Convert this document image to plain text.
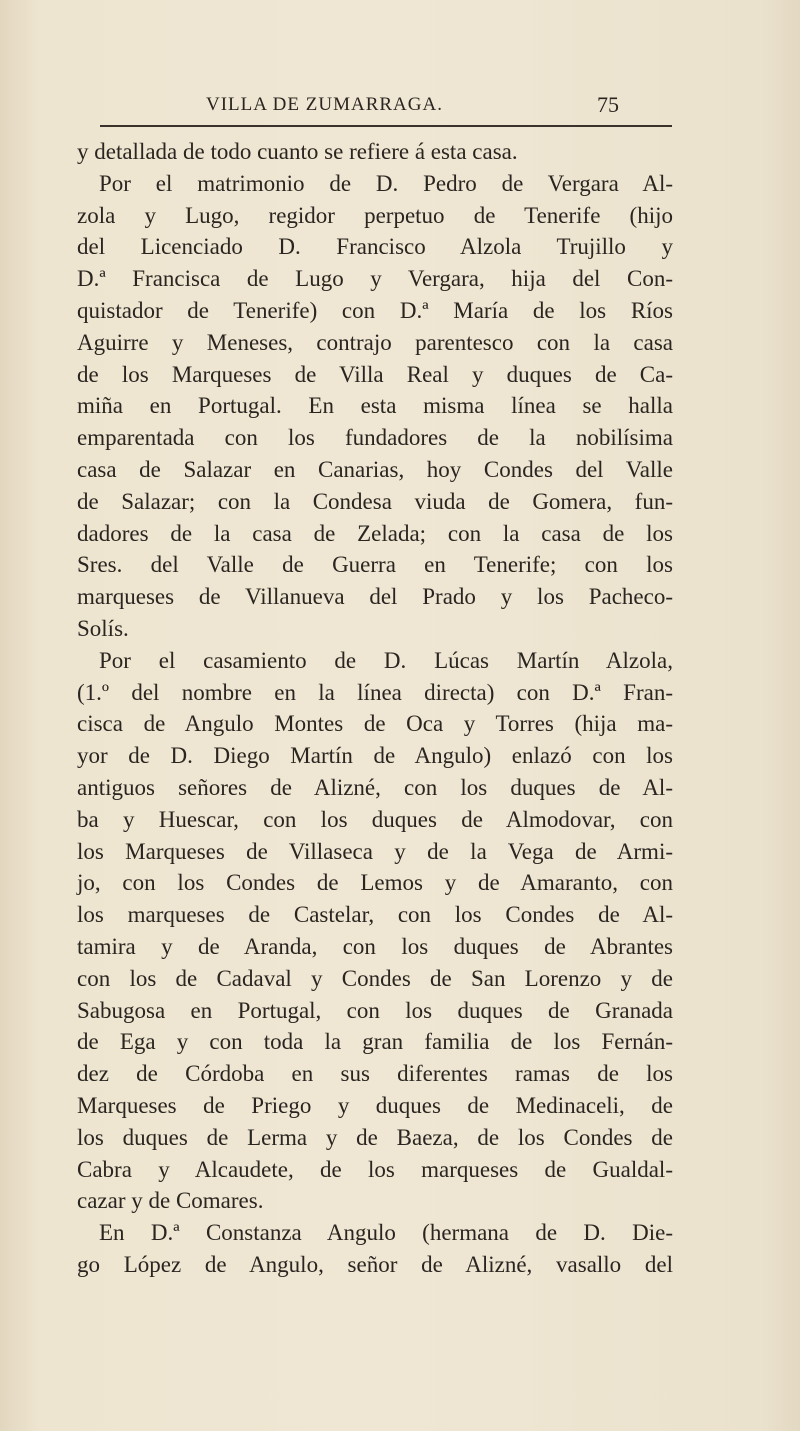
VILLA DE ZUMARRAGA.	75
y detallada de todo cuanto se refiere á esta casa.
Por el matrimonio de D. Pedro de Vergara Al-
zola y Lugo, regidor perpetuo de Tenerife (hijo
del Licenciado D. Francisco Alzola Trujillo y
D.ª Francisca de Lugo y Vergara, hija del Con-
quistador de Tenerife) con D.ª María de los Ríos
Aguirre y Meneses, contrajo parentesco con la casa
de los Marqueses de Villa Real y duques de Ca-
miña en Portugal. En esta misma línea se halla
emparentada con los fundadores de la nobilísima
casa de Salazar en Canarias, hoy Condes del Valle
de Salazar; con la Condesa viuda de Gomera, fun-
dadores de la casa de Zelada; con la casa de los
Sres. del Valle de Guerra en Tenerife; con los
marqueses de Villanueva del Prado y los Pacheco-
Solís.
Por el casamiento de D. Lúcas Martín Alzola,
(1.º del nombre en la línea directa) con D.ª Fran-
cisca de Angulo Montes de Oca y Torres (hija ma-
yor de D. Diego Martín de Angulo) enlazó con los
antiguos señores de Alizné, con los duques de Al-
ba y Huescar, con los duques de Almodovar, con
los Marqueses de Villaseca y de la Vega de Armi-
jo, con los Condes de Lemos y de Amaranto, con
los marqueses de Castelar, con los Condes de Al-
tamira y de Aranda, con los duques de Abrantes
con los de Cadaval y Condes de San Lorenzo y de
Sabugosa en Portugal, con los duques de Granada
de Ega y con toda la gran familia de los Fernán-
dez de Córdoba en sus diferentes ramas de los
Marqueses de Priego y duques de Medinaceli, de
los duques de Lerma y de Baeza, de los Condes de
Cabra y Alcaudete, de los marqueses de Gualdal-
cazar y de Comares.
En D.ª Constanza Angulo (hermana de D. Die-
go López de Angulo, señor de Alizné, vasallo del
